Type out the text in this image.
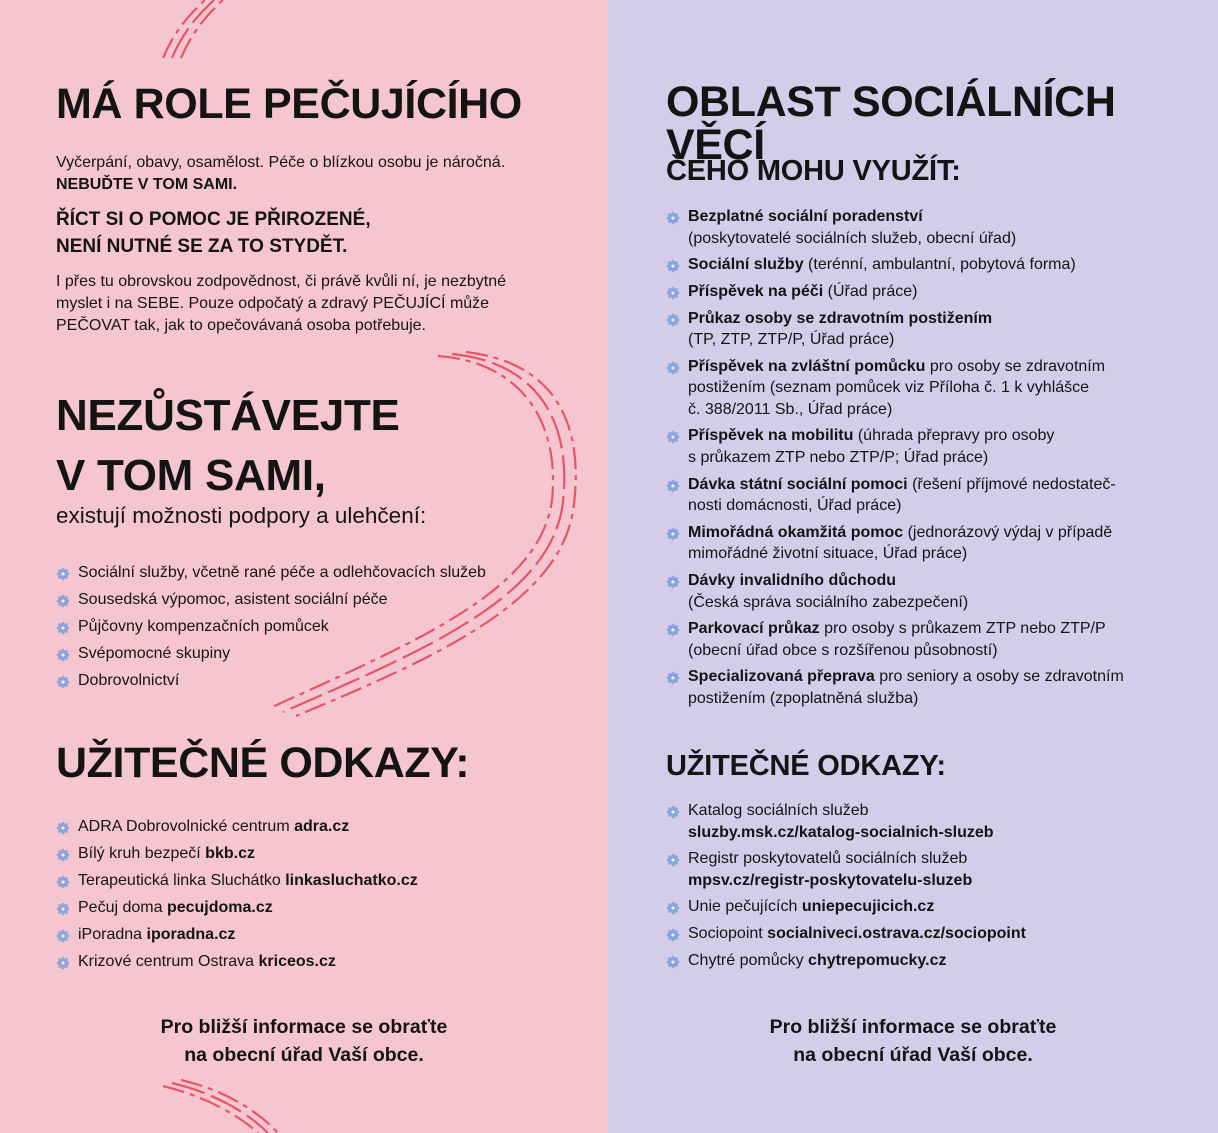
MÁ ROLE PEČUJÍCÍHO

Vyčerpání, obavy, osamělost. Péče o blízkou osobu je náročná.
NEBUĎTE V TOM SAMI.

ŘÍCT SI O POMOC JE PŘIROZENÉ,
NENÍ NUTNÉ SE ZA TO STYDĚT.

I přes tu obrovskou zodpovědnost, či právě kvůli ní, je nezbytné
myslet i na SEBE. Pouze odpočatý a zdravý PEČUJÍCÍ může
PEČOVAT tak, jak to opečovávaná osoba potřebuje.

NEZŮSTÁVEJTE
V TOM SAMI,

existují možnosti podpory a ulehčení:

Sociální služby, včetně rané péče a odlehčovacích služeb
Sousedská výpomoc, asistent sociální péče
Půjčovny kompenzačních pomůcek
Svépomocné skupiny
Dobrovolnictví
UŽITEČNÉ ODKAZY:
ADRA Dobrovolnické centrum adra.cz
Bílý kruh bezpečí bkb.cz
Terapeutická linka Sluchátko linkasluchatko.cz
Pečuj doma pecujdoma.cz
iPoradna iporadna.cz
Krizové centrum Ostrava kriceos.cz

Pro bližší informace se obraťte
na obecní úřad Vaší obce.

OBLAST SOCIÁLNÍCH VĚCÍ
ČEHO MOHU VYUŽÍT:
Bezplatné sociální poradenství
(poskytovatelé sociálních služeb, obecní úřad)
Sociální služby (terénní, ambulantní, pobytová forma)
Příspěvek na péči (Úřad práce)
Průkaz osoby se zdravotním postižením
(TP, ZTP, ZTP/P, Úřad práce)
Příspěvek na zvláštní pomůcku pro osoby se zdravotním
postižením (seznam pomůcek viz Příloha č. 1 k vyhlášce
č. 388/2011 Sb., Úřad práce)
Příspěvek na mobilitu (úhrada přepravy pro osoby
s průkazem ZTP nebo ZTP/P; Úřad práce)
Dávka státní sociální pomoci (řešení příjmové nedostateč-
nosti domácnosti, Úřad práce)
Mimořádná okamžitá pomoc (jednorázový výdaj v případě
mimořádné životní situace, Úřad práce)
Dávky invalidního důchodu
(Česká správa sociálního zabezpečení)
Parkovací průkaz pro osoby s průkazem ZTP nebo ZTP/P
(obecní úřad obce s rozšířenou působností)
Specializovaná přeprava pro seniory a osoby se zdravotním
postižením (zpoplatněná služba)
UŽITEČNÉ ODKAZY:
Katalog sociálních služeb
sluzby.msk.cz/katalog-socialnich-sluzeb
Registr poskytovatelů sociálních služeb
mpsv.cz/registr-poskytovatelu-sluzeb
Unie pečujících uniepecujicich.cz
Sociopoint socialniveci.ostrava.cz/sociopoint
Chytré pomůcky chytrepomucky.cz

Pro bližší informace se obraťte
na obecní úřad Vaší obce.
